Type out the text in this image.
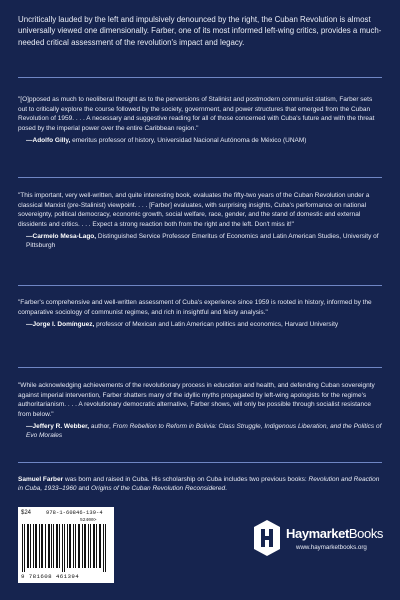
Uncritically lauded by the left and impulsively denounced by the right, the Cuban Revolution is almost universally viewed one dimensionally. Farber, one of its most informed left-wing critics, provides a much-needed critical assessment of the revolution's impact and legacy.
"[O]pposed as much to neoliberal thought as to the perversions of Stalinist and postmodern communist statism, Farber sets out to critically explore the course followed by the society, government, and power structures that emerged from the Cuban Revolution of 1959. . . . A necessary and suggestive reading for all of those concerned with Cuba's future and with the threat posed by the imperial power over the entire Caribbean region."
—Adolfo Gilly, emeritus professor of history, Universidad Nacional Autónoma de México (UNAM)
"This important, very well-written, and quite interesting book, evaluates the fifty-two years of the Cuban Revolution under a classical Marxist (pre-Stalinist) viewpoint. . . . [Farber] evaluates, with surprising insights, Cuba's performance on national sovereignty, political democracy, economic growth, social welfare, race, gender, and the stand of domestic and external dissidents and critics. . . . Expect a strong reaction both from the right and the left. Don't miss it!"
—Carmelo Mesa-Lago, Distinguished Service Professor Emeritus of Economics and Latin American Studies, University of Pittsburgh
"Farber's comprehensive and well-written assessment of Cuba's experience since 1959 is rooted in history, informed by the comparative sociology of communist regimes, and rich in insightful and feisty analysis."
—Jorge I. Domínguez, professor of Mexican and Latin American politics and economics, Harvard University
"While acknowledging achievements of the revolutionary process in education and health, and defending Cuban sovereignty against imperial intervention, Farber shatters many of the idyllic myths propagated by left-wing apologists for the regime's authoritarianism. . . . A revolutionary democratic alternative, Farber shows, will only be possible through socialist resistance from below."
—Jeffery R. Webber, author, From Rebellion to Reform in Bolivia: Class Struggle, Indigenous Liberation, and the Politics of Evo Morales
Samuel Farber was born and raised in Cuba. His scholarship on Cuba includes two previous books: Revolution and Reaction in Cuba, 1933–1960 and Origins of the Cuban Revolution Reconsidered.
$24	978-1-60846-139-4
52400>
9 781608 461394
HaymarketBooks
www.haymarketbooks.org
